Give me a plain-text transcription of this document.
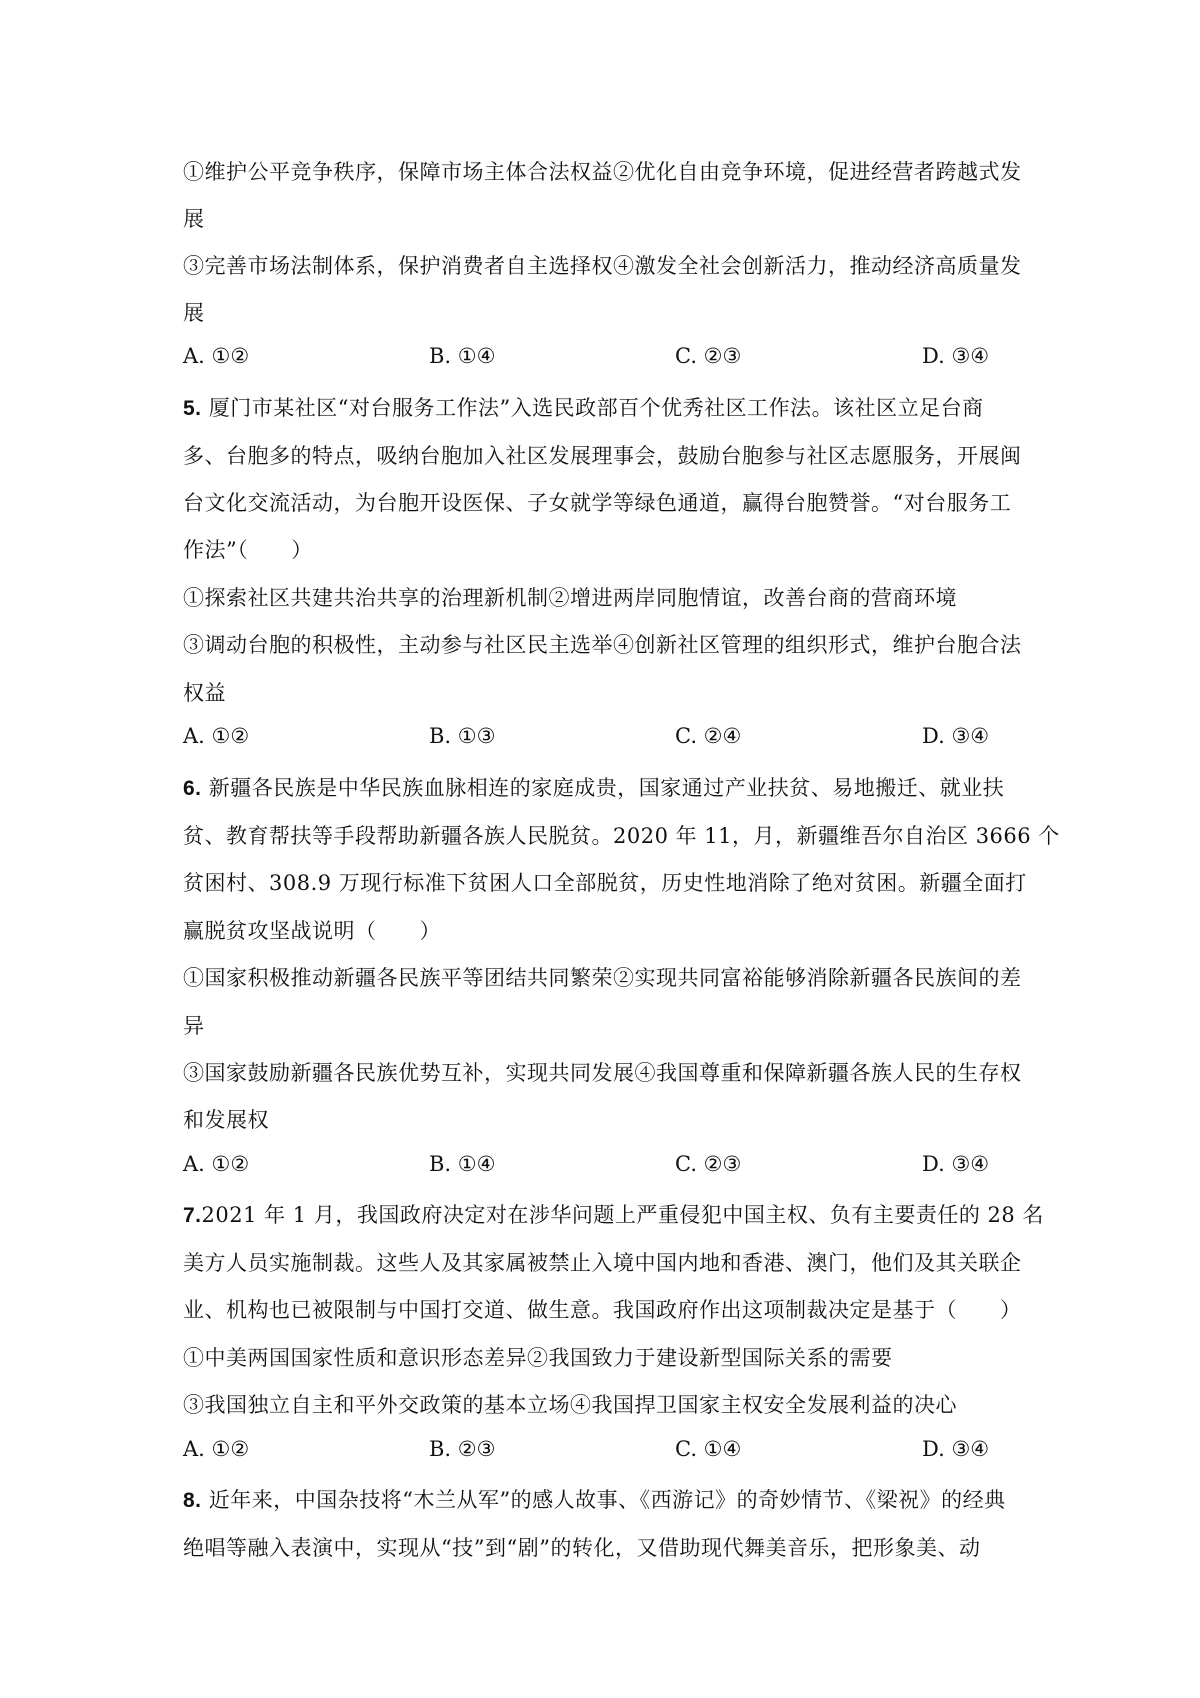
①维护公平竞争秩序，保障市场主体合法权益②优化自由竞争环境，促进经营者跨越式发
展
③完善市场法制体系，保护消费者自主选择权④激发全社会创新活力，推动经济高质量发
展
A. ①②	B. ①④	C. ②③	D. ③④
5. 厦门市某社区“对台服务工作法”入选民政部百个优秀社区工作法。该社区立足台商
多、台胞多的特点，吸纳台胞加入社区发展理事会，鼓励台胞参与社区志愿服务，开展闽
台文化交流活动，为台胞开设医保、子女就学等绿色通道，赢得台胞赞誉。“对台服务工
作法”（　　）
①探索社区共建共治共享的治理新机制②增进两岸同胞情谊，改善台商的营商环境
③调动台胞的积极性，主动参与社区民主选举④创新社区管理的组织形式，维护台胞合法
权益
A. ①②	B. ①③	C. ②④	D. ③④
6. 新疆各民族是中华民族血脉相连的家庭成贵，国家通过产业扶贫、易地搬迁、就业扶
贫、教育帮扶等手段帮助新疆各族人民脱贫。2020 年 11，月，新疆维吾尔自治区 3666 个
贫困村、308.9 万现行标准下贫困人口全部脱贫，历史性地消除了绝对贫困。新疆全面打
赢脱贫攻坚战说明（　　）
①国家积极推动新疆各民族平等团结共同繁荣②实现共同富裕能够消除新疆各民族间的差
异
③国家鼓励新疆各民族优势互补，实现共同发展④我国尊重和保障新疆各族人民的生存权
和发展权
A. ①②	B. ①④	C. ②③	D. ③④
7.2021 年 1 月，我国政府决定对在涉华问题上严重侵犯中国主权、负有主要责任的 28 名
美方人员实施制裁。这些人及其家属被禁止入境中国内地和香港、澳门，他们及其关联企
业、机构也已被限制与中国打交道、做生意。我国政府作出这项制裁决定是基于（　　）
①中美两国国家性质和意识形态差异②我国致力于建设新型国际关系的需要
③我国独立自主和平外交政策的基本立场④我国捍卫国家主权安全发展利益的决心
A. ①②	B. ②③	C. ①④	D. ③④
8. 近年来，中国杂技将“木兰从军”的感人故事、《西游记》的奇妙情节、《梁祝》的经典
绝唱等融入表演中，实现从“技”到“剧”的转化，又借助现代舞美音乐，把形象美、动
